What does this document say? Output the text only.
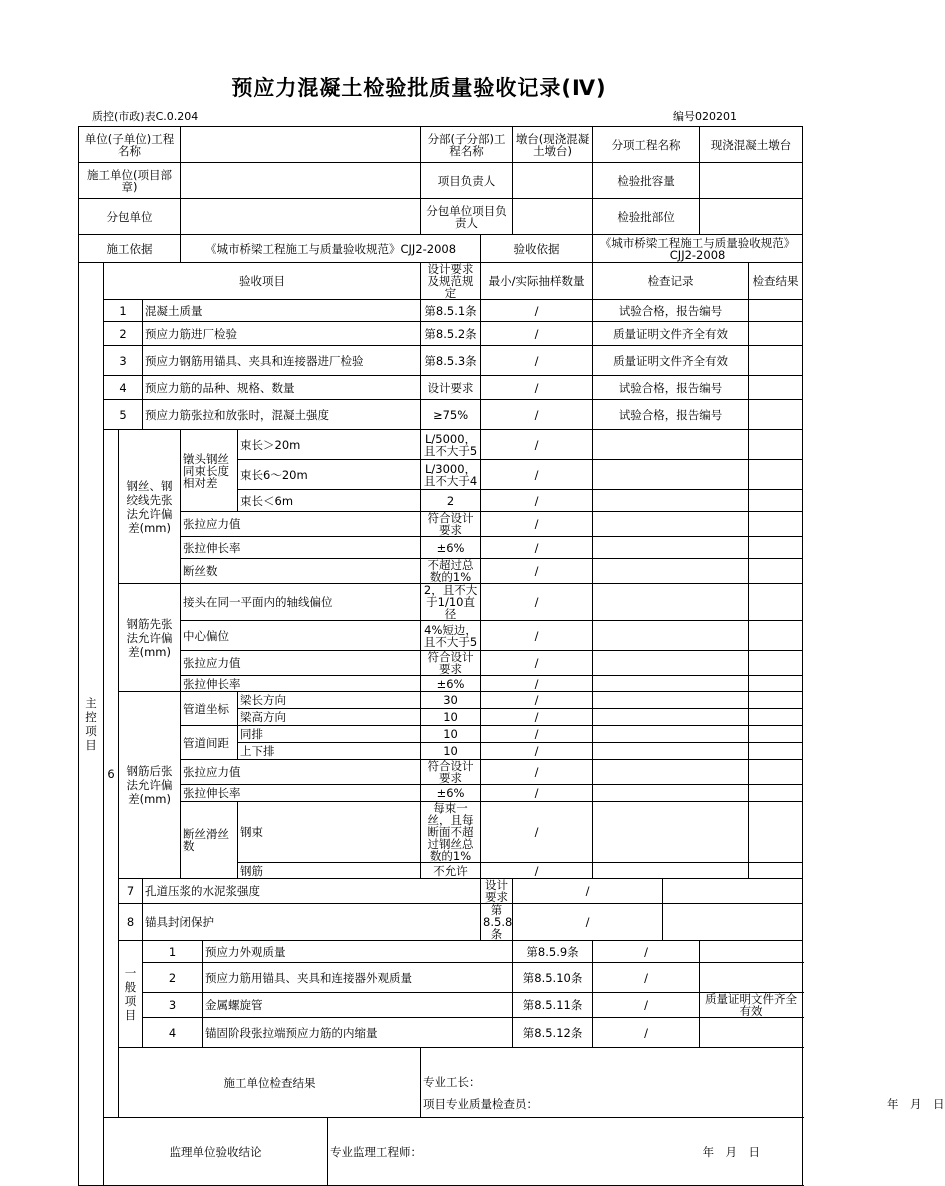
预应力混凝土检验批质量验收记录(Ⅳ)
质控(市政)表C.0.204	编号020201
单位(子单位)工程名称								分部(子分部)工程名称		墩台(现浇混凝土墩台)	分项工程名称		现浇混凝土墩台		
施工单位(项目部章)								项目负责人			检验批容量				
分包单位								分包单位项目负责人			检验批部位				
施工依据				《城市桥梁工程施工与质量验收规范》CJJ2-2008					验收依据		《城市桥梁工程施工与质量验收规范》CJJ2-2008				
主控项目	验收项目							设计要求及规范规定	最小/实际抽样数量		检查记录			检查结果	
	1		混凝土质量					第8.5.1条	/		试验合格，报告编号				
	2		预应力筋进厂检验					第8.5.2条	/		质量证明文件齐全有效				
	3		预应力钢筋用锚具、夹具和连接器进厂检验					第8.5.3条	/		质量证明文件齐全有效				
	4		预应力筋的品种、规格、数量					设计要求	/		试验合格，报告编号				
	5		预应力筋张拉和放张时，混凝土强度					≥75%	/		试验合格，报告编号				
	6	钢丝、钢绞线先张法允许偏差(mm)		镦头钢丝同束长度相对差		束长＞20m		L/5000，且不大于5	/						
						束长6～20m		L/3000，且不大于4	/						
						束长＜6m		2	/						
				张拉应力值				符合设计要求	/						
				张拉伸长率				±6%	/						
				断丝数				不超过总数的1%	/						
		钢筋先张法允许偏差(mm)		接头在同一平面内的轴线偏位				2，且不大于1/10直径	/						
				中心偏位				4%短边，且不大于5	/						
				张拉应力值				符合设计要求	/						
				张拉伸长率				±6%	/						
		钢筋后张法允许偏差(mm)		管道坐标		梁长方向		30	/						
						梁高方向		10	/						
				管道间距		同排		10	/						
						上下排		10	/						
				张拉应力值				符合设计要求	/						
				张拉伸长率				±6%	/						
				断丝滑丝数		钢束		每束一丝，且每断面不超过钢丝总数的1%	/						
						钢筋		不允许	/						
		7	孔道压浆的水泥浆强度						设计要求	/					
		8	锚具封闭保护						第8.5.8条	/					
		一般项目	1		预应力外观质量					第8.5.9条	/				
			2		预应力筋用锚具、夹具和连接器外观质量					第8.5.10条	/				
			3		金属螺旋管					第8.5.11条	/		质量证明文件齐全有效		
			4		锚固阶段张拉端预应力筋的内缩量					第8.5.12条	/				
		施工单位检查结果						专业工长：
项目专业质量检查员： 年　月　日							

	监理单位验收结论						专业监理工程师： 年　月　日								
